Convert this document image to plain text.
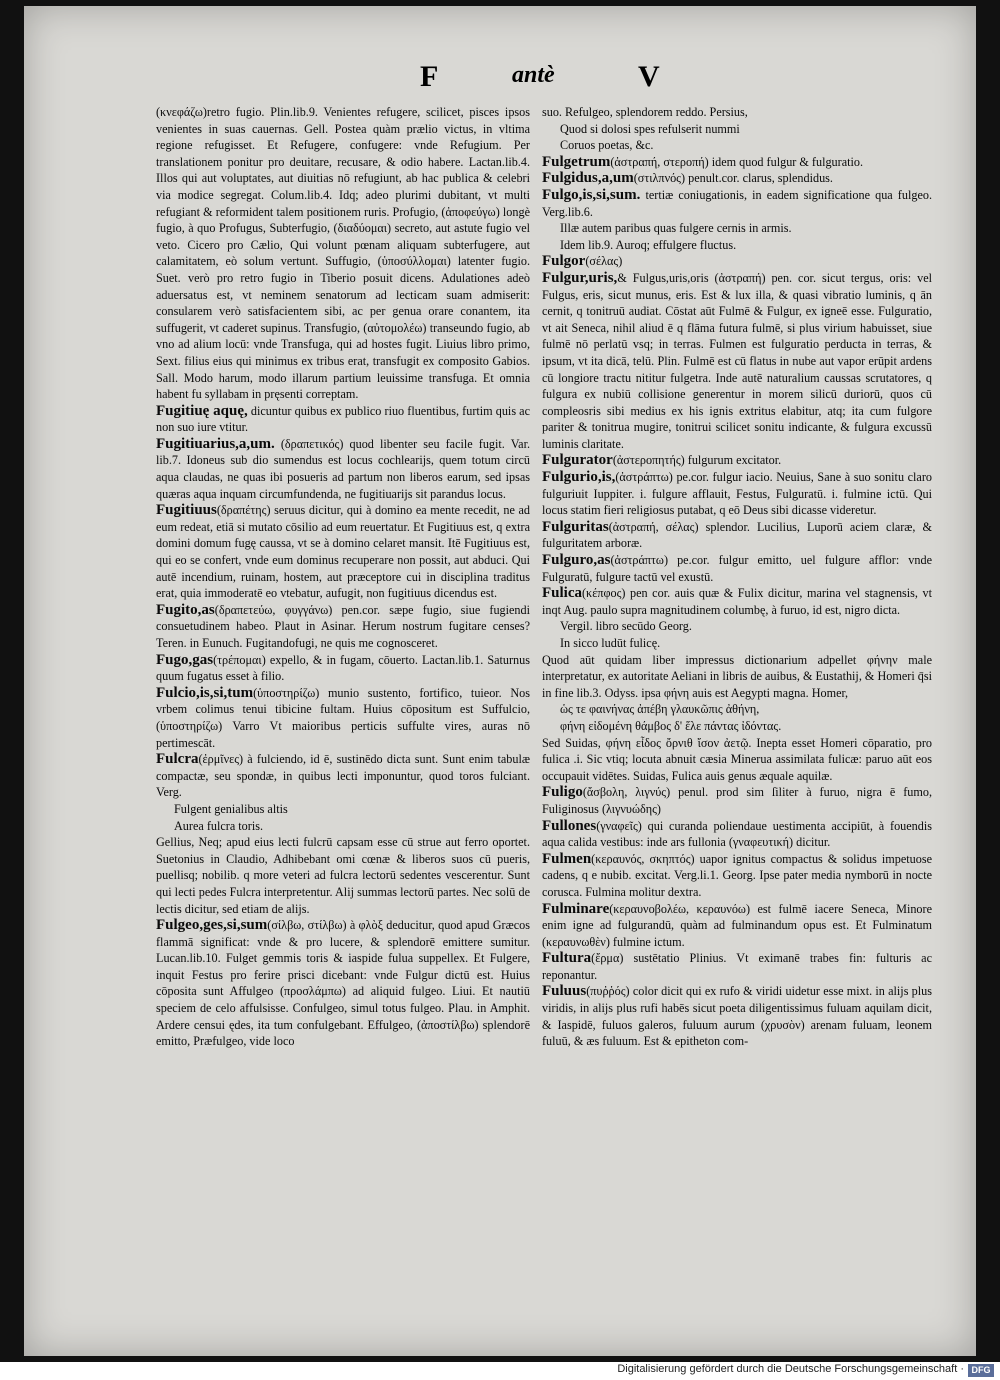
F	antè	V

(κνεφάζω)retro fugio. Plin.lib.9. Venientes refugere, scilicet, pisces ipsos venientes in suas cauernas. Gell. Postea quàm prælio victus, in vltima regione refugisset. Et Refugere, confugere: vnde Refugium. Per translationem ponitur pro deuitare, recusare, & odio habere. Lactan.lib.4. Illos qui aut voluptates, aut diuitias nō refugiunt, ab hac publica & celebri via modice segregat. Colum.lib.4. Idq; adeo plurimi dubitant, vt multi refugiant & reformident talem positionem ruris. Profugio, (ἀποφεύγω) longè fugio, à quo Profugus, Subterfugio, (διαδύομαι) secreto, aut astute fugio vel veto. Cicero pro Cælio, Qui volunt pœnam aliquam subterfugere, aut calamitatem, eò solum vertunt. Suffugio, (ὑποσύλλομαι) latenter fugio. Suet. verò pro retro fugio in Tiberio posuit dicens. Adulationes adeò aduersatus est, vt neminem senatorum ad lecticam suam admiserit: consularem verò satisfacientem sibi, ac per genua orare conantem, ita suffugerit, vt caderet supinus. Transfugio, (αὐτομολέω) transeundo fugio, ab vno ad alium locū: vnde Transfuga, qui ad hostes fugit. Liuius libro primo, Sext. filius eius qui minimus ex tribus erat, transfugit ex composito Gabios. Sall. Modo harum, modo illarum partium leuissime transfuga. Et omnia habent fu syllabam in pręsenti correptam.

Fugitiuę aquę, dicuntur quibus ex publico riuo fluentibus, furtim quis ac non suo iure vtitur.

Fugitiuarius,a,um. (δραπετικός) quod libenter seu facile fugit. Var. lib.7. Idoneus sub dio sumendus est locus cochlearijs, quem totum circū aqua claudas, ne quas ibi posueris ad partum non liberos earum, sed ipsas quæras aqua inquam circumfundenda, ne fugitiuarijs sit parandus locus.

Fugitiuus(δραπέτης) seruus dicitur, qui à domino ea mente recedit, ne ad eum redeat, etiā si mutato cōsilio ad eum reuertatur. Et Fugitiuus est, q extra domini domum fugę caussa, vt se à domino celaret mansit. Itē Fugitiuus est, qui eo se confert, vnde eum dominus recuperare non possit, aut abduci. Qui autē incendium, ruinam, hostem, aut præceptore cui in disciplina traditus erat, quia immoderatē eo vtebatur, aufugit, non fugitiuus dicendus est.

Fugito,as(δραπετεύω, φυγγάνω) pen.cor. sæpe fugio, siue fugiendi consuetudinem habeo. Plaut in Asinar. Herum nostrum fugitare censes? Teren. in Eunuch. Fugitandofugi, ne quis me cognosceret.

Fugo,gas(τρέπομαι) expello, & in fugam, cōuerto. Lactan.lib.1. Saturnus quum fugatus esset à filio.

Fulcio,is,si,tum(ὑποστηρίζω) munio sustento, fortifico, tuieor. Nos vrbem colimus tenui tibicine fultam. Huius cōpositum est Suffulcio, (ὑποστηρίζω) Varro Vt maioribus perticis suffulte vires, auras nō pertimescāt.

Fulcra(ἐρμῖνες) à fulciendo, id ē, sustinēdo dicta sunt. Sunt enim tabulæ compactæ, seu spondæ, in quibus lecti imponuntur, quod toros fulciant. Verg.

Fulgent genialibus altis

Aurea fulcra toris.

Gellius, Neq; apud eius lecti fulcrū capsam esse cū strue aut ferro oportet. Suetonius in Claudio, Adhibebant omi cœnæ & liberos suos cū pueris, puellisq; nobilib. q more veteri ad fulcra lectorū sedentes vescerentur. Sunt qui lecti pedes Fulcra interpretentur. Alij summas lectorū partes. Nec solū de lectis dicitur, sed etiam de alijs.

Fulgeo,ges,si,sum(σίλβω, στίλβω) à φλὸξ deducitur, quod apud Græcos flammā significat: vnde & pro lucere, & splendorē emittere sumitur. Lucan.lib.10. Fulget gemmis toris & iaspide fulua suppellex. Et Fulgere, inquit Festus pro ferire prisci dicebant: vnde Fulgur dictū est. Huius cōposita sunt Affulgeo (προσλάμπω) ad aliquid fulgeo. Liui. Et nautiū speciem de celo affulsisse. Confulgeo, simul totus fulgeo. Plau. in Amphit. Ardere censui ędes, ita tum confulgebant. Effulgeo, (ἀποστίλβω) splendorē emitto, Præfulgeo, vide loco

suo. Refulgeo, splendorem reddo. Persius,

Quod si dolosi spes refulserit nummi

Coruos poetas, &c.

Fulgetrum(ἀστραπή, στεροπή) idem quod fulgur & fulguratio.

Fulgidus,a,um(στιλπνός) penult.cor. clarus, splendidus.

Fulgo,is,si,sum. tertiæ coniugationis, in eadem significatione qua fulgeo. Verg.lib.6.

Illæ autem paribus quas fulgere cernis in armis.

Idem lib.9. Auroq; effulgere fluctus.

Fulgor(σέλας)

Fulgur,uris,& Fulgus,uris,oris (ἀστραπή) pen. cor. sicut tergus, oris: vel Fulgus, eris, sicut munus, eris. Est & lux illa, & quasi vibratio luminis, q ān cernit, q tonitruū audiat. Cōstat aūt Fulmē & Fulgur, ex igneē esse. Fulguratio, vt ait Seneca, nihil aliud ē q flāma futura fulmē, si plus virium habuisset, siue fulmē nō perlatū vsq; in terras. Fulmen est fulguratio perducta in terras, & ipsum, vt ita dicā, telū. Plin. Fulmē est cū flatus in nube aut vapor erūpit ardens cū longiore tractu nititur fulgetra. Inde autē naturalium caussas scrutatores, q fulgura ex nubiū collisione generentur in morem silicū duriorū, quos cū compleosris sibi medius ex his ignis extritus elabitur, atq; ita cum fulgore pariter & tonitrua mugire, tonitrui scilicet sonitu indicante, & fulgura excussū luminis claritate.

Fulgurator(ἀστεροπητής) fulgurum excitator.

Fulgurio,is,(ἀστράπτω) pe.cor. fulgur iacio. Neuius, Sane à suo sonitu claro fulguriuit Iuppiter. i. fulgure afflauit, Festus, Fulguratū. i. fulmine ictū. Qui locus statim fieri religiosus putabat, q eō Deus sibi dicasse videretur.

Fulguritas(ἀστραπή, σέλας) splendor. Lucilius, Luporū aciem claræ, & fulguritatem arboræ.

Fulguro,as(ἀστράπτω) pe.cor. fulgur emitto, uel fulgure afflor: vnde Fulguratū, fulgure tactū vel exustū.

Fulica(κέπφος) pen cor. auis quæ & Fulix dicitur, marina vel stagnensis, vt inqt Aug. paulo supra magnitudinem columbę, à furuo, id est, nigro dicta.

Vergil. libro secūdo Georg.

In sicco ludūt fulicę.

Quod aūt quidam liber impressus dictionarium adpellet φήνην male interpretatur, ex autoritate Aeliani in libris de auibus, & Eustathij, & Homeri q̄si in fine lib.3. Odyss. ipsa φήνη auis est Aegypti magna. Homer,

ὡς τε φαινήνας ἀπέβη γλαυκῶπις ἀθήνη,

φήνη εἰδομένη θάμβος δ' ἕλε πάντας ἰδόντας.

Sed Suidas, φήνη εἶδος ὄρνιθ ἴσον ἀετῷ. Inepta esset Homeri cōparatio, pro fulica .i. Sic vtiq; locuta abnuit cæsia Minerua assimilata fulicæ: paruo aūt eos occupauit vidētes. Suidas, Fulica auis genus æquale aquilæ.

Fuligo(ἄσβολη, λιγνύς) penul. prod sim ſiliter à furuo, nigra ē fumo, Fuliginosus (λιγνυώδης)

Fullones(γναφεῖς) qui curanda poliendaue uestimenta accipiūt, à fouendis aqua calida vestibus: inde ars fullonia (γναφευτική) dicitur.

Fulmen(κεραυνός, σκηπτός) uapor ignitus compactus & solidus impetuose cadens, q e nubib. excitat. Verg.li.1. Georg. Ipse pater media nymborū in nocte corusca. Fulmina molitur dextra.

Fulminare(κεραυνοβολέω, κεραυνόω) est fulmē iacere Seneca, Minore enim igne ad fulgurandū, quàm ad fulminandum opus est. Et Fulminatum (κεραυνωθὲν) fulmine ictum.

Fultura(ἔρμα) sustētatio Plinius. Vt eximanē trabes fin: fulturis ac reponantur.

Fuluus(πυῤῥός) color dicit qui ex rufo & viridi uidetur esse mixt. in alijs plus viridis, in alijs plus rufi habēs sicut poeta diligentissimus fuluam aquilam dicit, & Iaspidē, fuluos galeros, fuluum aurum (χρυσὸν) arenam fuluam, leonem fuluū, & æs fuluum. Est & epitheton com-

Digitalisierung gefördert durch die Deutsche Forschungsgemeinschaft · DFG
